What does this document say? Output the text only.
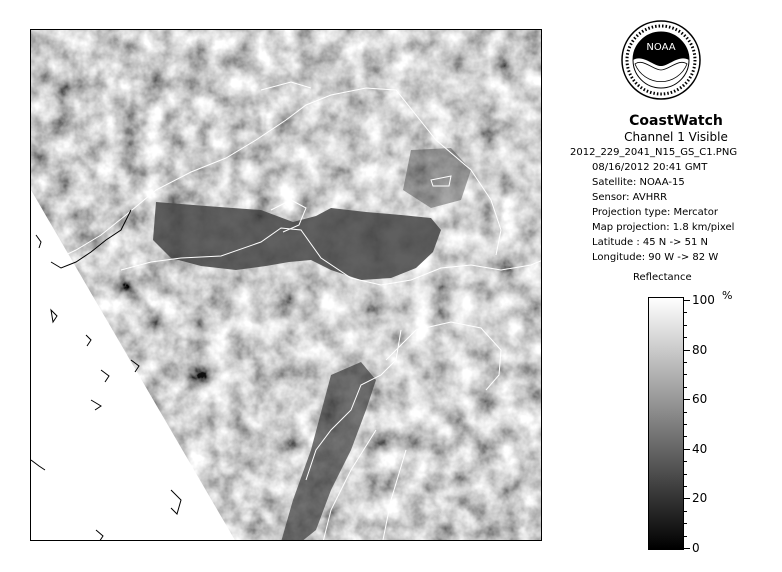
NOAA
CoastWatch
Channel 1 Visible
2012_229_2041_N15_GS_C1.PNG
08/16/2012 20:41 GMT
Satellite: NOAA-15
Sensor: AVHRR
Projection type: Mercator
Map projection: 1.8 km/pixel
Latitude : 45 N -> 51 N
Longitude: 90 W -> 82 W
Reflectance
%
100
80
60
40
20
0
